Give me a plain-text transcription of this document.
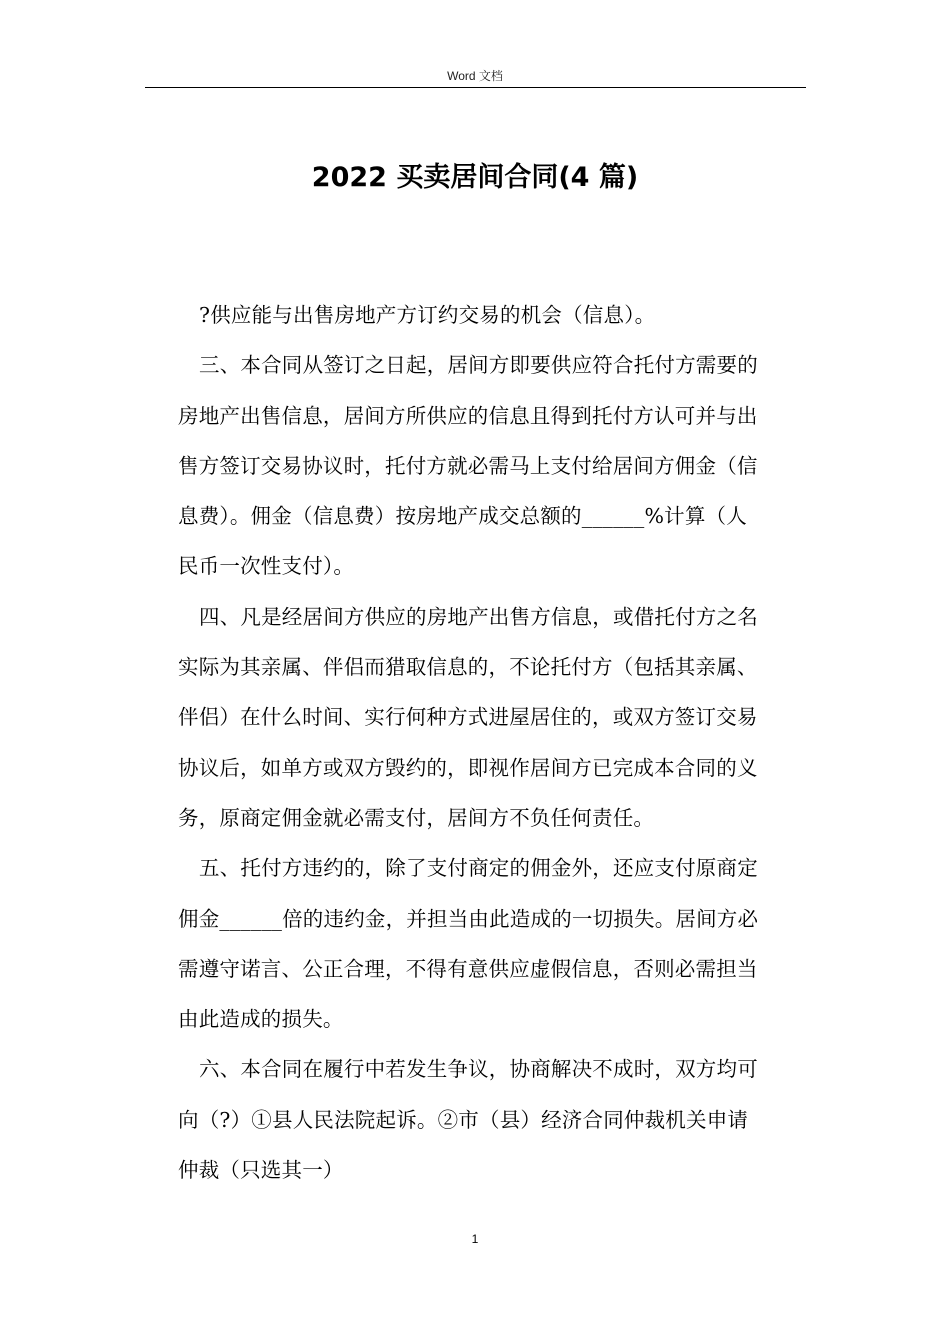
Word 文档
2022 买卖居间合同(4 篇)
?供应能与出售房地产方订约交易的机会（信息）。
三、本合同从签订之日起，居间方即要供应符合托付方需要的
房地产出售信息，居间方所供应的信息且得到托付方认可并与出
售方签订交易协议时，托付方就必需马上支付给居间方佣金（信
息费）。佣金（信息费）按房地产成交总额的______%计算（人
民币一次性支付）。
四、凡是经居间方供应的房地产出售方信息，或借托付方之名
实际为其亲属、伴侣而猎取信息的，不论托付方（包括其亲属、
伴侣）在什么时间、实行何种方式进屋居住的，或双方签订交易
协议后，如单方或双方毁约的，即视作居间方已完成本合同的义
务，原商定佣金就必需支付，居间方不负任何责任。
五、托付方违约的，除了支付商定的佣金外，还应支付原商定
佣金______倍的违约金，并担当由此造成的一切损失。居间方必
需遵守诺言、公正合理，不得有意供应虚假信息，否则必需担当
由此造成的损失。
六、本合同在履行中若发生争议，协商解决不成时，双方均可
向（?）①县人民法院起诉。②市（县）经济合同仲裁机关申请
仲裁（只选其一）
1
